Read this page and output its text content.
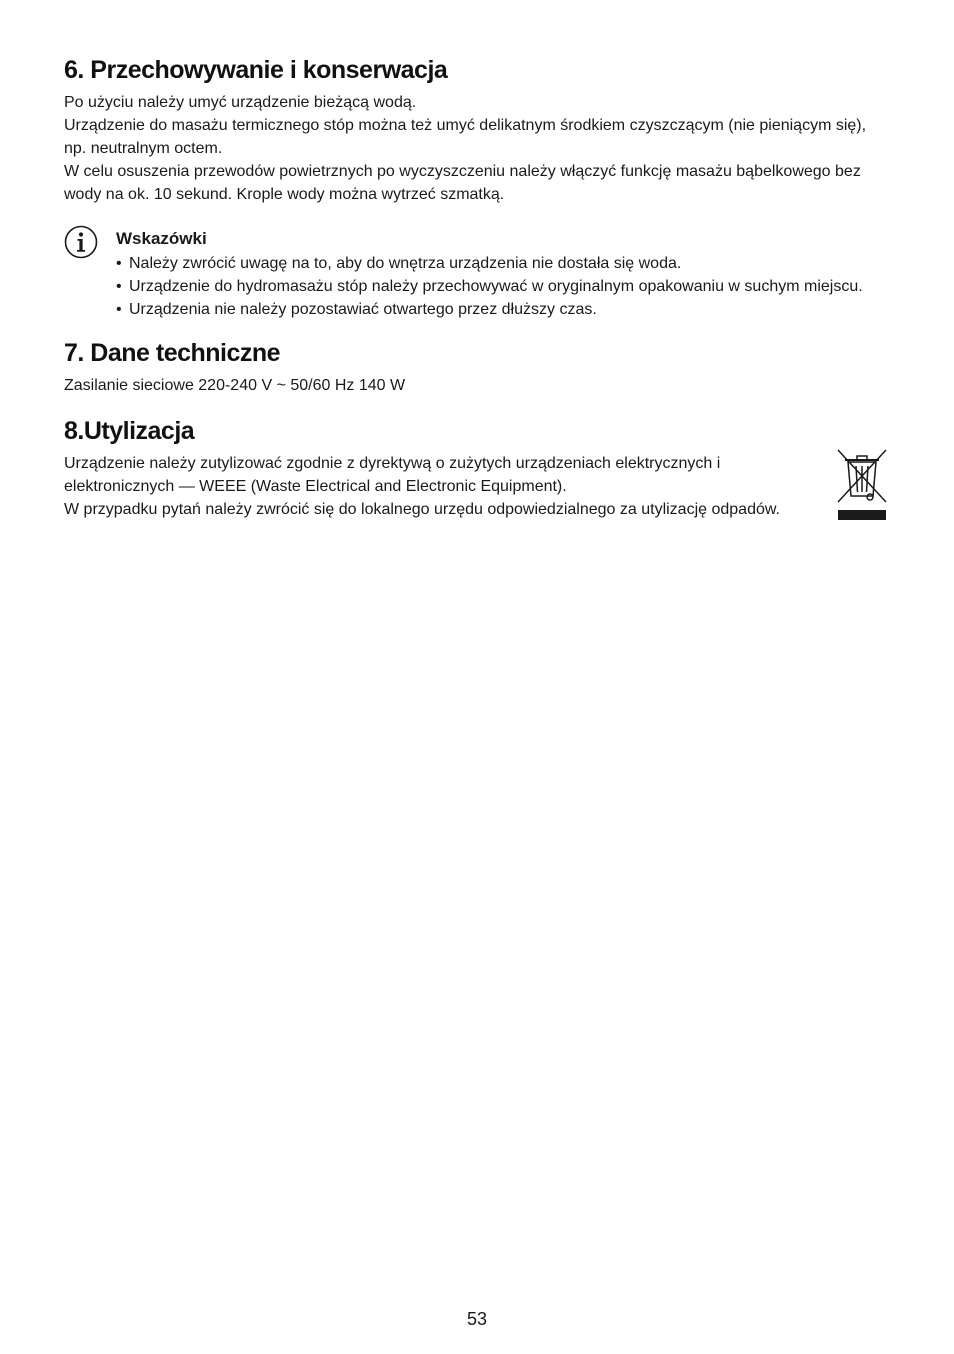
6. Przechowywanie i konserwacja

Po użyciu należy umyć urządzenie bieżącą wodą.

Urządzenie do masażu termicznego stóp można też umyć delikatnym środkiem czyszczącym (nie pieniącym się), np. neutralnym octem.

W celu osuszenia przewodów powietrznych po wyczyszczeniu należy włączyć funkcję masażu bąbelkowego bez wody na ok. 10 sekund. Krople wody można wytrzeć szmatką.

Wskazówki
• Należy zwrócić uwagę na to, aby do wnętrza urządzenia nie dostała się woda.
• Urządzenie do hydromasażu stóp należy przechowywać w oryginalnym opakowaniu w suchym miejscu.
• Urządzenia nie należy pozostawiać otwartego przez dłuższy czas.
7. Dane techniczne

Zasilanie sieciowe 220-240 V ~ 50/60 Hz 140 W

8.Utylizacja

Urządzenie należy zutylizować zgodnie z dyrektywą o zużytych urządzeniach elektrycznych i elektronicznych — WEEE (Waste Electrical and Electronic Equipment).

W przypadku pytań należy zwrócić się do lokalnego urzędu odpowiedzialnego za utylizację odpadów.

53
